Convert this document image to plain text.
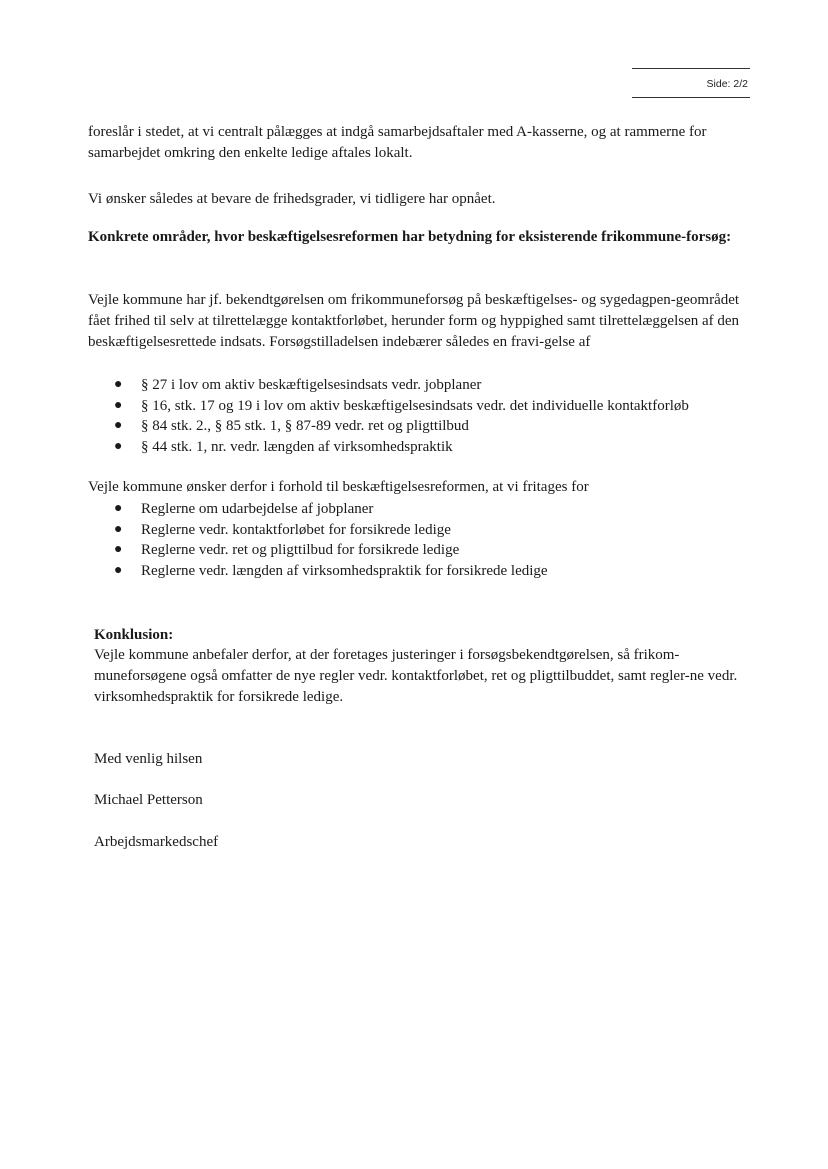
Side: 2/2

foreslår i stedet, at vi centralt pålægges at indgå samarbejdsaftaler med A-kasserne, og at rammerne for samarbejdet omkring den enkelte ledige aftales lokalt.

Vi ønsker således at bevare de frihedsgrader, vi tidligere har opnået.

Konkrete områder, hvor beskæftigelsesreformen har betydning for eksisterende frikommune-forsøg:

Vejle kommune har jf. bekendtgørelsen om frikommuneforsøg på beskæftigelses- og sygedagpen-geområdet fået frihed til selv at tilrettelægge kontaktforløbet, herunder form og hyppighed samt tilrettelæggelsen af den beskæftigelsesrettede indsats. Forsøgstilladelsen indebærer således en fravi-gelse af

● § 27 i lov om aktiv beskæftigelsesindsats vedr. jobplaner
● § 16, stk. 17 og 19 i lov om aktiv beskæftigelsesindsats vedr. det individuelle kontaktforløb
● § 84 stk. 2., § 85 stk. 1, § 87-89 vedr. ret og pligttilbud
● § 44 stk. 1, nr. vedr. længden af virksomhedspraktik

Vejle kommune ønsker derfor i forhold til beskæftigelsesreformen, at vi fritages for

● Reglerne om udarbejdelse af jobplaner
● Reglerne vedr. kontaktforløbet for forsikrede ledige
● Reglerne vedr. ret og pligttilbud for forsikrede ledige
● Reglerne vedr. længden af virksomhedspraktik for forsikrede ledige

Konklusion:

Vejle kommune anbefaler derfor, at der foretages justeringer i forsøgsbekendtgørelsen, så frikom-muneforsøgene også omfatter de nye regler vedr. kontaktforløbet, ret og pligttilbuddet, samt regler-ne vedr. virksomhedspraktik for forsikrede ledige.

Med venlig hilsen

Michael Petterson

Arbejdsmarkedschef
